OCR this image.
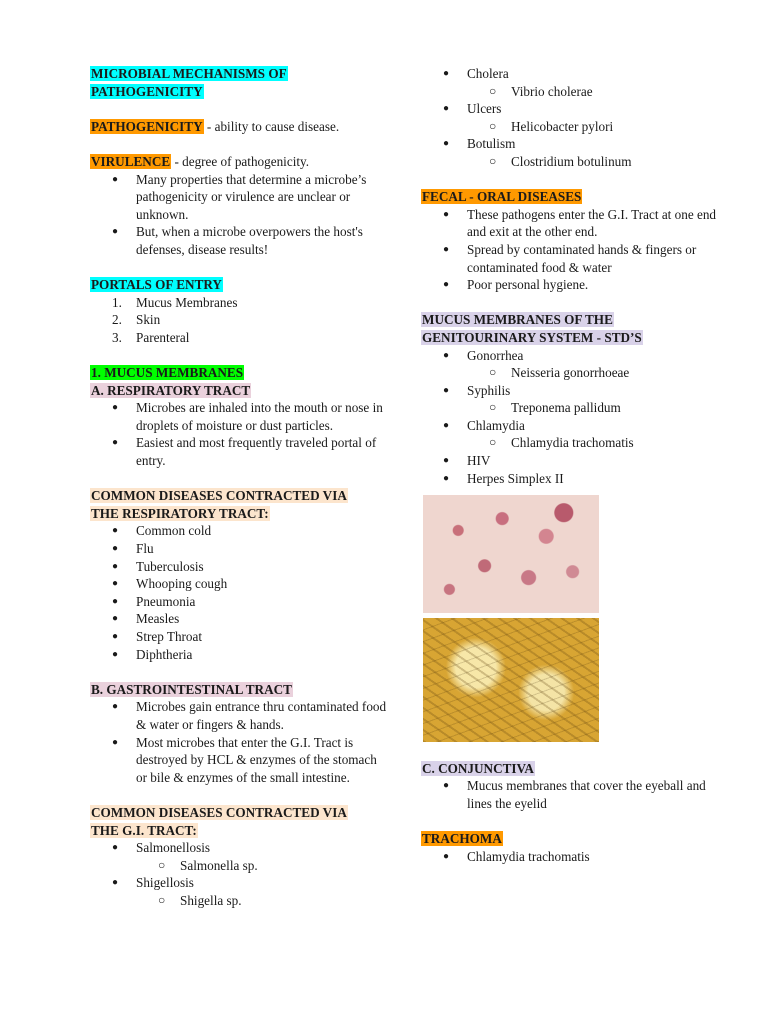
MICROBIAL MECHANISMS OF
PATHOGENICITY
PATHOGENICITY - ability to cause disease.
VIRULENCE - degree of pathogenicity.
● Many properties that determine a microbe’s pathogenicity or virulence are unclear or unknown.
● But, when a microbe overpowers the host's defenses, disease results!
PORTALS OF ENTRY
1. Mucus Membranes
2. Skin
3. Parenteral
1. MUCUS MEMBRANES
A. RESPIRATORY TRACT
● Microbes are inhaled into the mouth or nose in droplets of moisture or dust particles.
● Easiest and most frequently traveled portal of entry.
COMMON DISEASES CONTRACTED VIA
THE RESPIRATORY TRACT:
● Common cold
● Flu
● Tuberculosis
● Whooping cough
● Pneumonia
● Measles
● Strep Throat
● Diphtheria
B. GASTROINTESTINAL TRACT
● Microbes gain entrance thru contaminated food & water or fingers & hands.
● Most microbes that enter the G.I. Tract is destroyed by HCL & enzymes of the stomach or bile & enzymes of the small intestine.
COMMON DISEASES CONTRACTED VIA
THE G.I. TRACT:
● Salmonellosis
○ Salmonella sp.
● Shigellosis
○ Shigella sp.
● Cholera
○ Vibrio cholerae
● Ulcers
○ Helicobacter pylori
● Botulism
○ Clostridium botulinum
FECAL - ORAL DISEASES
● These pathogens enter the G.I. Tract at one end and exit at the other end.
● Spread by contaminated hands & fingers or contaminated food & water
● Poor personal hygiene.
MUCUS MEMBRANES OF THE
GENITOURINARY SYSTEM - STD’S
● Gonorrhea
○ Neisseria gonorrhoeae
● Syphilis
○ Treponema pallidum
● Chlamydia
○ Chlamydia trachomatis
● HIV
● Herpes Simplex II
C. CONJUNCTIVA
● Mucus membranes that cover the eyeball and lines the eyelid
TRACHOMA
● Chlamydia trachomatis
